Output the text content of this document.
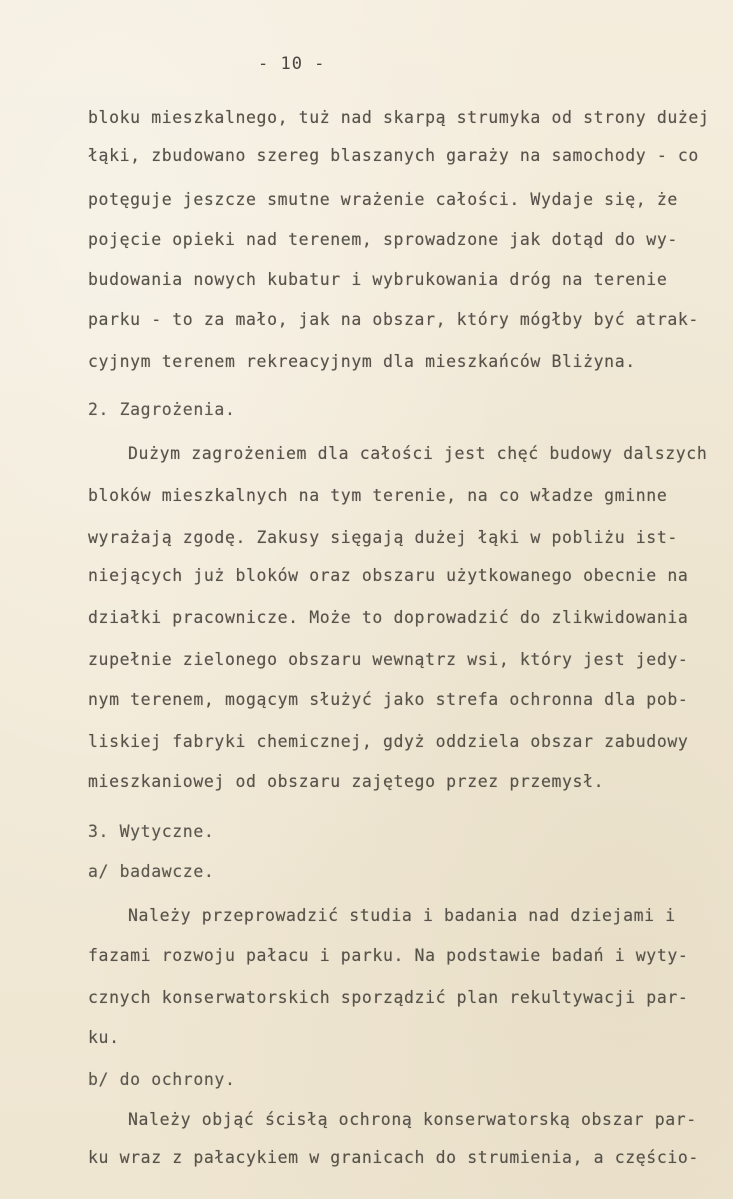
- 10 -
bloku mieszkalnego, tuż nad skarpą strumyka od strony dużej
łąki, zbudowano szereg blaszanych garaży na samochody - co
potęguje jeszcze smutne wrażenie całości. Wydaje się, że
pojęcie opieki nad terenem, sprowadzone jak dotąd do wy-
budowania nowych kubatur i wybrukowania dróg na terenie
parku - to za mało, jak na obszar, który mógłby być atrak-
cyjnym terenem rekreacyjnym dla mieszkańców Bliżyna.
2. Zagrożenia.
Dużym zagrożeniem dla całości jest chęć budowy dalszych
bloków mieszkalnych na tym terenie, na co władze gminne
wyrażają zgodę. Zakusy sięgają dużej łąki w pobliżu ist-
niejących już bloków oraz obszaru użytkowanego obecnie na
działki pracownicze. Może to doprowadzić do zlikwidowania
zupełnie zielonego obszaru wewnątrz wsi, który jest jedy-
nym terenem, mogącym służyć jako strefa ochronna dla pob-
liskiej fabryki chemicznej, gdyż oddziela obszar zabudowy
mieszkaniowej od obszaru zajętego przez przemysł.
3. Wytyczne.
a/ badawcze.
Należy przeprowadzić studia i badania nad dziejami i
fazami rozwoju pałacu i parku. Na podstawie badań i wyty-
cznych konserwatorskich sporządzić plan rekultywacji par-
ku.
b/ do ochrony.
Należy objąć ścisłą ochroną konserwatorską obszar par-
ku wraz z pałacykiem w granicach do strumienia, a częścio-
